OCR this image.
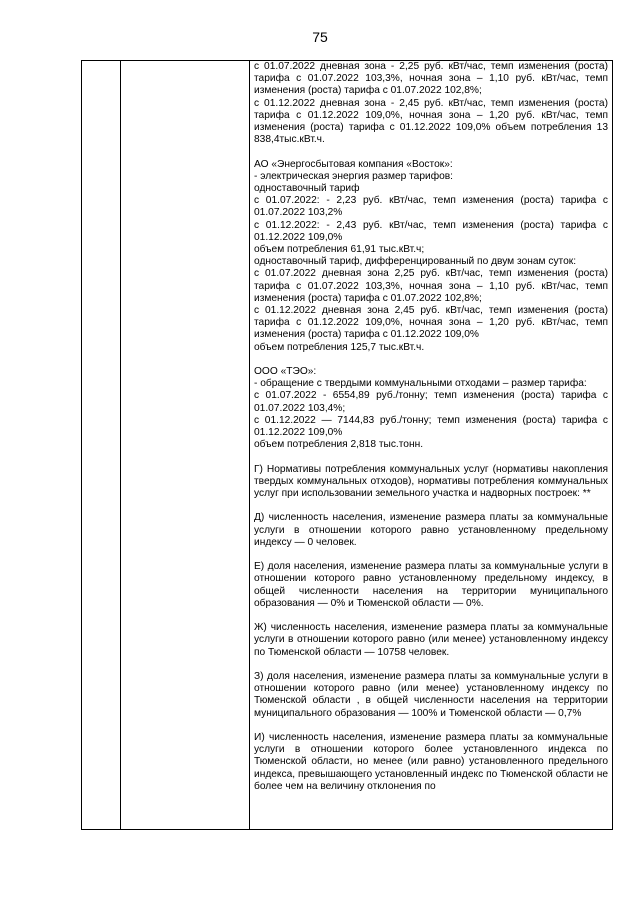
75

с 01.07.2022 дневная зона - 2,25 руб. кВт/час, темп изменения (роста) тарифа с 01.07.2022 103,3%, ночная зона – 1,10 руб. кВт/час, темп изменения (роста) тарифа с 01.07.2022 102,8%;

с 01.12.2022 дневная зона - 2,45 руб. кВт/час, темп изменения (роста) тарифа с 01.12.2022 109,0%, ночная зона – 1,20 руб. кВт/час, темп изменения (роста) тарифа с 01.12.2022 109,0% объем потребления 13 838,4тыс.кВт.ч.

АО «Энергосбытовая компания «Восток»:

- электрическая энергия размер тарифов:

одноставочный тариф

с 01.07.2022: - 2,23 руб. кВт/час, темп изменения (роста) тарифа с 01.07.2022 103,2%

с 01.12.2022: - 2,43 руб. кВт/час, темп изменения (роста) тарифа с 01.12.2022 109,0%

объем потребления 61,91 тыс.кВт.ч;

одноставочный тариф, дифференцированный по двум зонам суток:

с 01.07.2022 дневная зона 2,25 руб. кВт/час, темп изменения (роста) тарифа с 01.07.2022 103,3%, ночная зона – 1,10 руб. кВт/час, темп изменения (роста) тарифа с 01.07.2022 102,8%;

с 01.12.2022 дневная зона 2,45 руб. кВт/час, темп изменения (роста) тарифа с 01.12.2022 109,0%, ночная зона – 1,20 руб. кВт/час, темп изменения (роста) тарифа с 01.12.2022 109,0%

объем потребления 125,7 тыс.кВт.ч.

ООО «ТЭО»:

- обращение с твердыми коммунальными отходами – размер тарифа:

с 01.07.2022 - 6554,89 руб./тонну; темп изменения (роста) тарифа с 01.07.2022 103,4%;

с 01.12.2022 — 7144,83 руб./тонну; темп изменения (роста) тарифа с 01.12.2022 109,0%

объем потребления 2,818 тыс.тонн.

Г) Нормативы потребления коммунальных услуг (нормативы накопления твердых коммунальных отходов), нормативы потребления коммунальных услуг при использовании земельного участка и надворных построек: **

Д) численность населения, изменение размера платы за коммунальные услуги в отношении которого равно установленному предельному индексу — 0 человек.

Е) доля населения, изменение размера платы за коммунальные услуги в отношении которого равно установленному предельному индексу, в общей численности населения на территории муниципального образования — 0% и Тюменской области — 0%.

Ж) численность населения, изменение размера платы за коммунальные услуги в отношении которого равно (или менее) установленному индексу по Тюменской области — 10758 человек.

З) доля населения, изменение размера платы за коммунальные услуги в отношении которого равно (или менее) установленному индексу по Тюменской области , в общей численности населения на территории муниципального образования — 100% и Тюменской области — 0,7%

И) численность населения, изменение размера платы за коммунальные услуги в отношении которого более установленного индекса по Тюменской области, но менее (или равно) установленного предельного индекса, превышающего установленный индекс по Тюменской области не более чем на величину отклонения по
